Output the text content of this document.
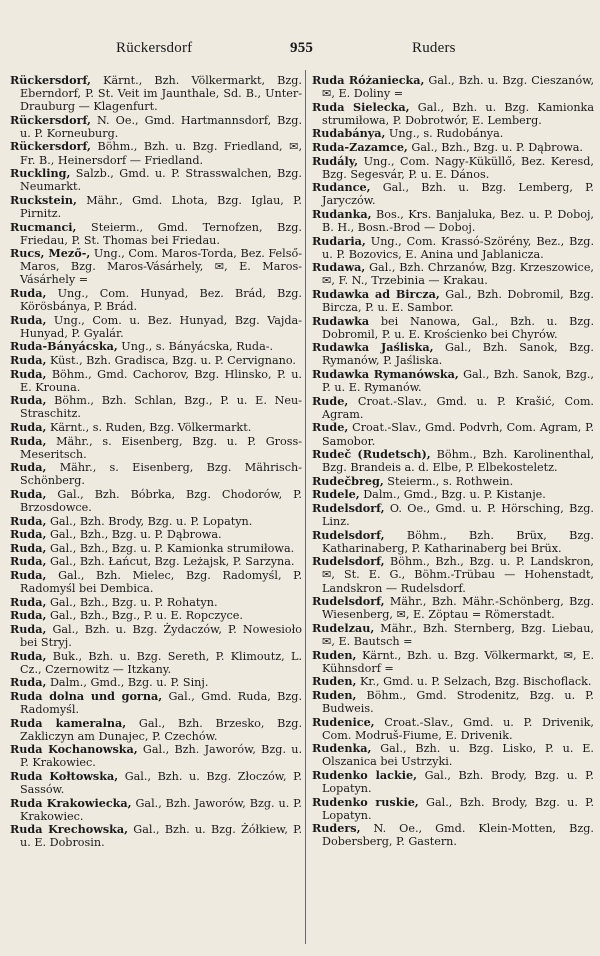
Rückersdorf	955	Ruders

Rückersdorf, Kärnt., Bzh. Völkermarkt, Bzg. Eberndorf, P. St. Veit im Jaunthale, Sd. B., Unter-Drauburg — Klagenfurt.

Rückersdorf, N. Oe., Gmd. Hartmannsdorf, Bzg. u. P. Korneuburg.

Rückersdorf, Böhm., Bzh. u. Bzg. Friedland, ✉, Fr. B., Heinersdorf — Friedland.

Ruckling, Salzb., Gmd. u. P. Strasswalchen, Bzg. Neumarkt.

Ruckstein, Mähr., Gmd. Lhota, Bzg. Iglau, P. Pirnitz.

Rucmanci, Steierm., Gmd. Ternofzen, Bzg. Friedau, P. St. Thomas bei Friedau.

Rucs, Mező-, Ung., Com. Maros-Torda, Bez. Felső-Maros, Bzg. Maros-Vásárhely, ✉, E. Maros-Vásárhely =

Ruda, Ung., Com. Hunyad, Bez. Brád, Bzg. Körösbánya, P. Brád.

Ruda, Ung., Com. u. Bez. Hunyad, Bzg. Vajda-Hunyad, P. Gyalár.

Ruda-Bányácska, Ung., s. Bányácska, Ruda-.

Ruda, Küst., Bzh. Gradisca, Bzg. u. P. Cervignano.

Ruda, Böhm., Gmd. Cachorov, Bzg. Hlinsko, P. u. E. Krouna.

Ruda, Böhm., Bzh. Schlan, Bzg., P. u. E. Neu-Straschitz.

Ruda, Kärnt., s. Ruden, Bzg. Völkermarkt.

Ruda, Mähr., s. Eisenberg, Bzg. u. P. Gross-Meseritsch.

Ruda, Mähr., s. Eisenberg, Bzg. Mährisch-Schönberg.

Ruda, Gal., Bzh. Bóbrka, Bzg. Chodorów, P. Brzosdowce.

Ruda, Gal., Bzh. Brody, Bzg. u. P. Lopatyn.

Ruda, Gal., Bzh., Bzg. u. P. Dąbrowa.

Ruda, Gal., Bzh., Bzg. u. P. Kamionka strumiłowa.

Ruda, Gal., Bzh. Łańcut, Bzg. Leżajsk, P. Sarzyna.

Ruda, Gal., Bzh. Mielec, Bzg. Radomyśl, P. Radomyśl bei Dembica.

Ruda, Gal., Bzh., Bzg. u. P. Rohatyn.

Ruda, Gal., Bzh., Bzg., P. u. E. Ropczyce.

Ruda, Gal., Bzh. u. Bzg. Żydaczów, P. Nowesioło bei Stryj.

Ruda, Buk., Bzh. u. Bzg. Sereth, P. Klimoutz, L. Cz., Czernowitz — Itzkany.

Ruda, Dalm., Gmd., Bzg. u. P. Sinj.

Ruda dolna und gorna, Gal., Gmd. Ruda, Bzg. Radomyśl.

Ruda kameralna, Gal., Bzh. Brzesko, Bzg. Zakliczyn am Dunajec, P. Czechów.

Ruda Kochanowska, Gal., Bzh. Jaworów, Bzg. u. P. Krakowiec.

Ruda Kołtowska, Gal., Bzh. u. Bzg. Złoczów, P. Sassów.

Ruda Krakowiecka, Gal., Bzh. Jaworów, Bzg. u. P. Krakowiec.

Ruda Krechowska, Gal., Bzh. u. Bzg. Żółkiew, P. u. E. Dobrosin.

Ruda Różaniecka, Gal., Bzh. u. Bzg. Cieszanów, ✉, E. Doliny =

Ruda Sielecka, Gal., Bzh. u. Bzg. Kamionka strumiłowa, P. Dobrotwór, E. Lemberg.

Rudabánya, Ung., s. Rudobánya.

Ruda-Zazamce, Gal., Bzh., Bzg. u. P. Dąbrowa.

Rudály, Ung., Com. Nagy-Küküllő, Bez. Keresd, Bzg. Segesvár, P. u. E. Dános.

Rudance, Gal., Bzh. u. Bzg. Lemberg, P. Jaryczów.

Rudanka, Bos., Krs. Banjaluka, Bez. u. P. Doboj, B. H., Bosn.-Brod — Doboj.

Rudaria, Ung., Com. Krassó-Szörény, Bez., Bzg. u. P. Bozovics, E. Anina und Jablanicza.

Rudawa, Gal., Bzh. Chrzanów, Bzg. Krzeszowice, ✉, F. N., Trzebinia — Krakau.

Rudawka ad Bircza, Gal., Bzh. Dobromil, Bzg. Bircza, P. u. E. Sambor.

Rudawka bei Nanowa, Gal., Bzh. u. Bzg. Dobromil, P. u. E. Krościenko bei Chyrów.

Rudawka Jaśliska, Gal., Bzh. Sanok, Bzg. Rymanów, P. Jaśliska.

Rudawka Rymanówska, Gal., Bzh. Sanok, Bzg., P. u. E. Rymanów.

Rude, Croat.-Slav., Gmd. u. P. Krašić, Com. Agram.

Rude, Croat.-Slav., Gmd. Podvrh, Com. Agram, P. Samobor.

Rudeč (Rudetsch), Böhm., Bzh. Karolinenthal, Bzg. Brandeis a. d. Elbe, P. Elbekosteletz.

Rudečbreg, Steierm., s. Rothwein.

Rudele, Dalm., Gmd., Bzg. u. P. Kistanje.

Rudelsdorf, O. Oe., Gmd. u. P. Hörsching, Bzg. Linz.

Rudelsdorf, Böhm., Bzh. Brüx, Bzg. Katharinaberg, P. Katharinaberg bei Brüx.

Rudelsdorf, Böhm., Bzh., Bzg. u. P. Landskron, ✉, St. E. G., Böhm.-Trübau — Hohenstadt, Landskron — Rudelsdorf.

Rudelsdorf, Mähr., Bzh. Mähr.-Schönberg, Bzg. Wiesenberg, ✉, E. Zöptau = Römerstadt.

Rudelzau, Mähr., Bzh. Sternberg, Bzg. Liebau, ✉, E. Bautsch =

Ruden, Kärnt., Bzh. u. Bzg. Völkermarkt, ✉, E. Kühnsdorf =

Ruden, Kr., Gmd. u. P. Selzach, Bzg. Bischoflack.

Ruden, Böhm., Gmd. Strodenitz, Bzg. u. P. Budweis.

Rudenice, Croat.-Slav., Gmd. u. P. Drivenik, Com. Modruš-Fiume, E. Drivenik.

Rudenka, Gal., Bzh. u. Bzg. Lisko, P. u. E. Olszanica bei Ustrzyki.

Rudenko lackie, Gal., Bzh. Brody, Bzg. u. P. Lopatyn.

Rudenko ruskie, Gal., Bzh. Brody, Bzg. u. P. Lopatyn.

Ruders, N. Oe., Gmd. Klein-Motten, Bzg. Dobersberg, P. Gastern.
